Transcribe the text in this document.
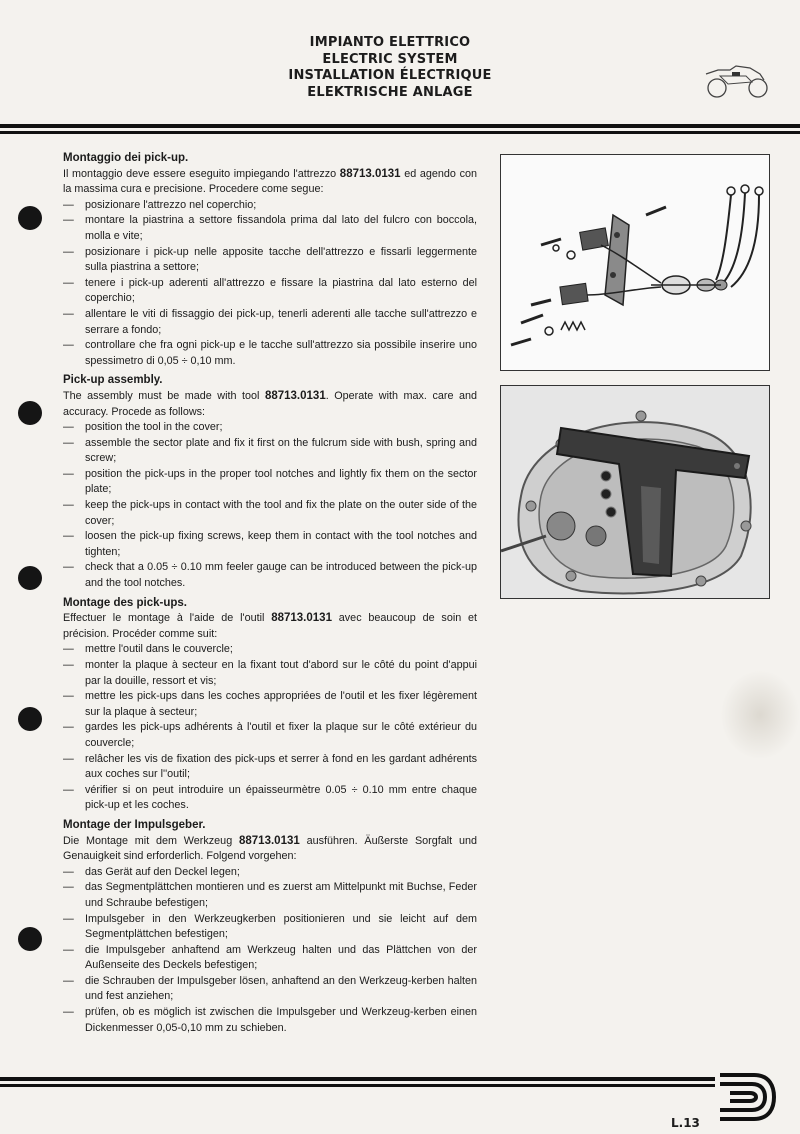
IMPIANTO ELETTRICO
ELECTRIC SYSTEM
INSTALLATION ÉLECTRIQUE
ELEKTRISCHE ANLAGE
Montaggio dei pick-up.
Il montaggio deve essere eseguito impiegando l'attrezzo 88713.0131 ed agendo con la massima cura e precisione. Procedere come segue:
— posizionare l'attrezzo nel coperchio;
— montare la piastrina a settore fissandola prima dal lato del fulcro con boccola, molla e vite;
— posizionare i pick-up nelle apposite tacche dell'attrezzo e fissarli leggermente sulla piastrina a settore;
— tenere i pick-up aderenti all'attrezzo e fissare la piastrina dal lato esterno del coperchio;
— allentare le viti di fissaggio dei pick-up, tenerli aderenti alle tacche sull'attrezzo e serrare a fondo;
— controllare che fra ogni pick-up e le tacche sull'attrezzo sia possibile inserire uno spessimetro di 0,05 ÷ 0,10 mm.
Pick-up assembly.
The assembly must be made with tool 88713.0131. Operate with max. care and accuracy. Procede as follows:
— position the tool in the cover;
— assemble the sector plate and fix it first on the fulcrum side with bush, spring and screw;
— position the pick-ups in the proper tool notches and lightly fix them on the sector plate;
— keep the pick-ups in contact with the tool and fix the plate on the outer side of the cover;
— loosen the pick-up fixing screws, keep them in contact with the tool notches and tighten;
— check that a 0.05 ÷ 0.10 mm feeler gauge can be introduced between the pick-up and the tool notches.
Montage des pick-ups.
Effectuer le montage à l'aide de l'outil 88713.0131 avec beaucoup de soin et précision. Procéder comme suit:
— mettre l'outil dans le couvercle;
— monter la plaque à secteur en la fixant tout d'abord sur le côté du point d'appui par la douille, ressort et vis;
— mettre les pick-ups dans les coches appropriées de l'outil et les fixer légèrement sur la plaque à secteur;
— gardes les pick-ups adhérents à l'outil et fixer la plaque sur le côté extérieur du couvercle;
— relâcher les vis de fixation des pick-ups et serrer à fond en les gardant adhérents aux coches sur l''outil;
— vérifier si on peut introduire un épaisseurmètre 0.05 ÷ 0.10 mm entre chaque pick-up et les coches.
Montage der Impulsgeber.
Die Montage mit dem Werkzeug 88713.0131 ausführen. Äußerste Sorgfalt und Genauigkeit sind erforderlich. Folgend vorgehen:
— das Gerät auf den Deckel legen;
— das Segmentplättchen montieren und es zuerst am Mittelpunkt mit Buchse, Feder und Schraube befestigen;
— Impulsgeber in den Werkzeugkerben positionieren und sie leicht auf dem Segmentplättchen befestigen;
— die Impulsgeber anhaftend am Werkzeug halten und das Plättchen von der Außenseite des Deckels befestigen;
— die Schrauben der Impulsgeber lösen, anhaftend an den Werkzeug-kerben halten und fest anziehen;
— prüfen, ob es möglich ist zwischen die Impulsgeber und Werkzeug-kerben einen Dickenmesser 0,05-0,10 mm zu schieben.
L.13
